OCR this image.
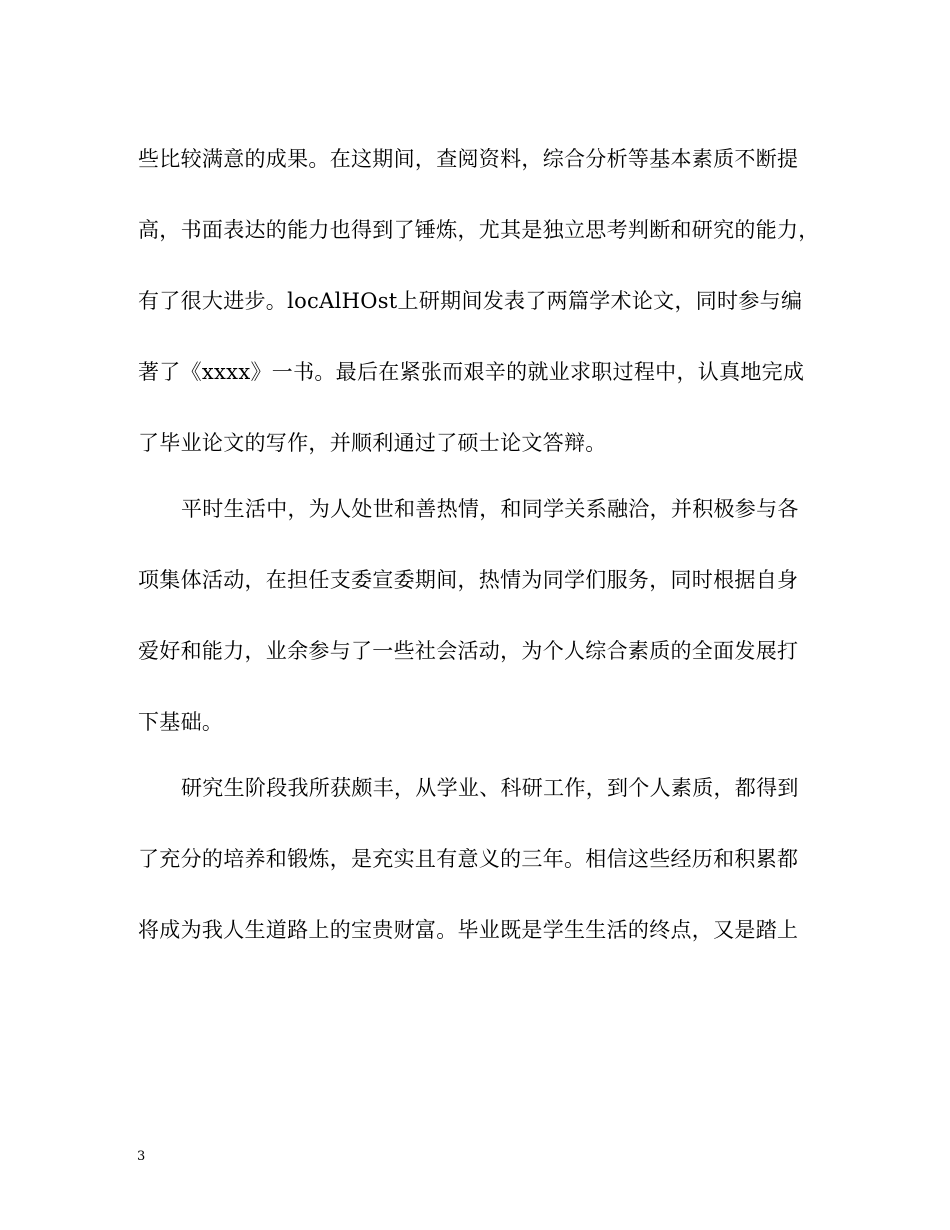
些比较满意的成果。在这期间，查阅资料，综合分析等基本素质不断提
高，书面表达的能力也得到了锤炼，尤其是独立思考判断和研究的能力，
有了很大进步。locAlHOst上研期间发表了两篇学术论文，同时参与编
著了《xxxx》一书。最后在紧张而艰辛的就业求职过程中，认真地完成
了毕业论文的写作，并顺利通过了硕士论文答辩。
平时生活中，为人处世和善热情，和同学关系融洽，并积极参与各
项集体活动，在担任支委宣委期间，热情为同学们服务，同时根据自身
爱好和能力，业余参与了一些社会活动，为个人综合素质的全面发展打
下基础。
研究生阶段我所获颇丰，从学业、科研工作，到个人素质，都得到
了充分的培养和锻炼，是充实且有意义的三年。相信这些经历和积累都
将成为我人生道路上的宝贵财富。毕业既是学生生活的终点，又是踏上
3
